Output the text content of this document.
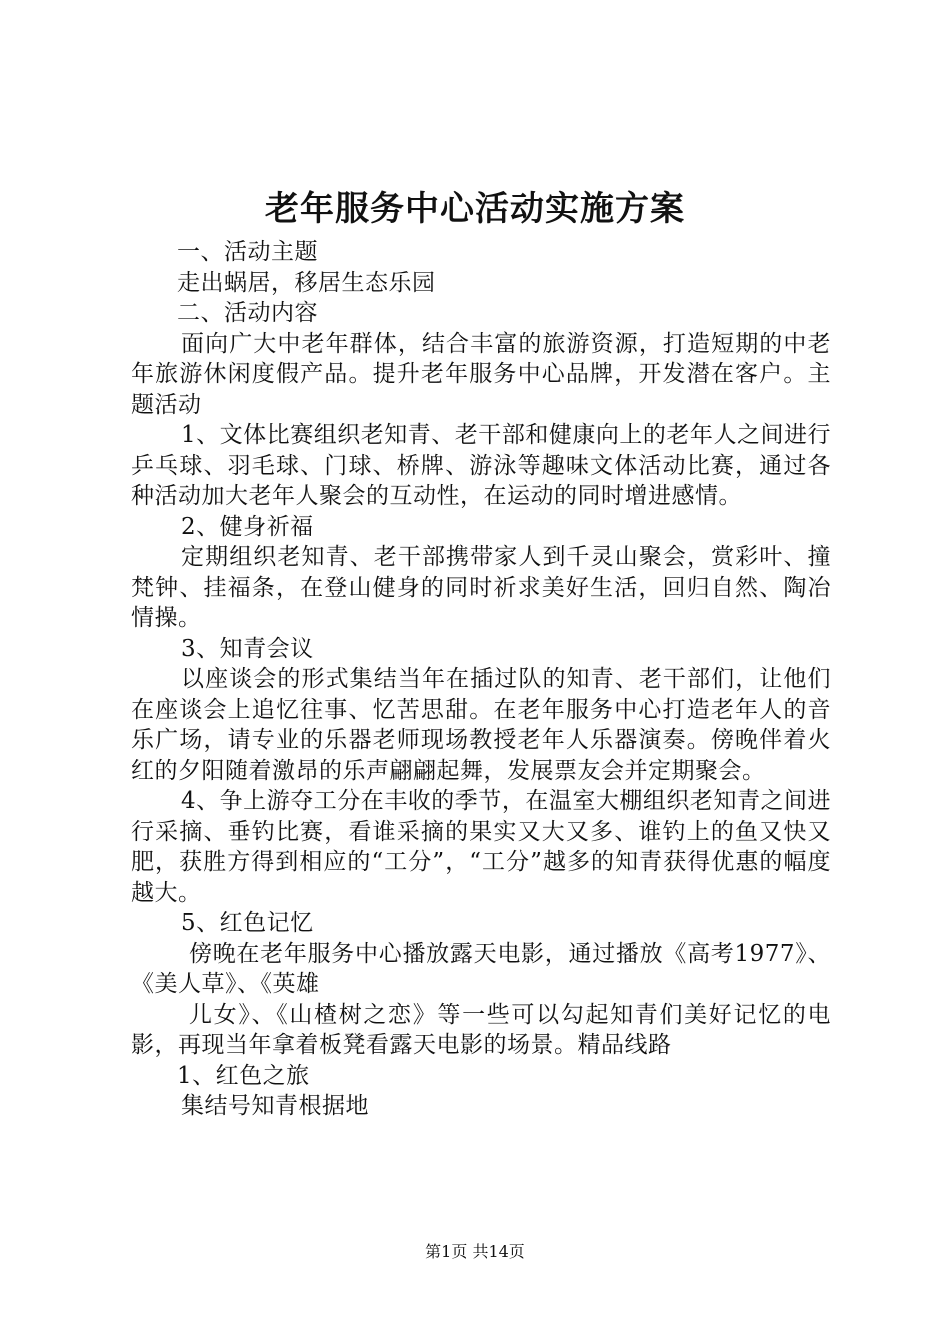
老年服务中心活动实施方案

一、活动主题

走出蜗居，移居生态乐园

二、活动内容

面向广大中老年群体，结合丰富的旅游资源，打造短期的中老年旅游休闲度假产品。提升老年服务中心品牌，开发潜在客户。主题活动

1、文体比赛组织老知青、老干部和健康向上的老年人之间进行乒乓球、羽毛球、门球、桥牌、游泳等趣味文体活动比赛，通过各种活动加大老年人聚会的互动性，在运动的同时增进感情。

2、健身祈福

定期组织老知青、老干部携带家人到千灵山聚会，赏彩叶、撞梵钟、挂福条，在登山健身的同时祈求美好生活，回归自然、陶冶情操。

3、知青会议

以座谈会的形式集结当年在插过队的知青、老干部们，让他们在座谈会上追忆往事、忆苦思甜。在老年服务中心打造老年人的音乐广场，请专业的乐器老师现场教授老年人乐器演奏。傍晚伴着火红的夕阳随着激昂的乐声翩翩起舞，发展票友会并定期聚会。

4、争上游夺工分在丰收的季节，在温室大棚组织老知青之间进行采摘、垂钓比赛，看谁采摘的果实又大又多、谁钓上的鱼又快又肥，获胜方得到相应的“工分”，“工分”越多的知青获得优惠的幅度越大。

5、红色记忆

傍晚在老年服务中心播放露天电影，通过播放《高考1977》、《美人草》、《英雄

儿女》、《山楂树之恋》等一些可以勾起知青们美好记忆的电影，再现当年拿着板凳看露天电影的场景。精品线路

1、红色之旅

集结号知青根据地

第1页 共14页
